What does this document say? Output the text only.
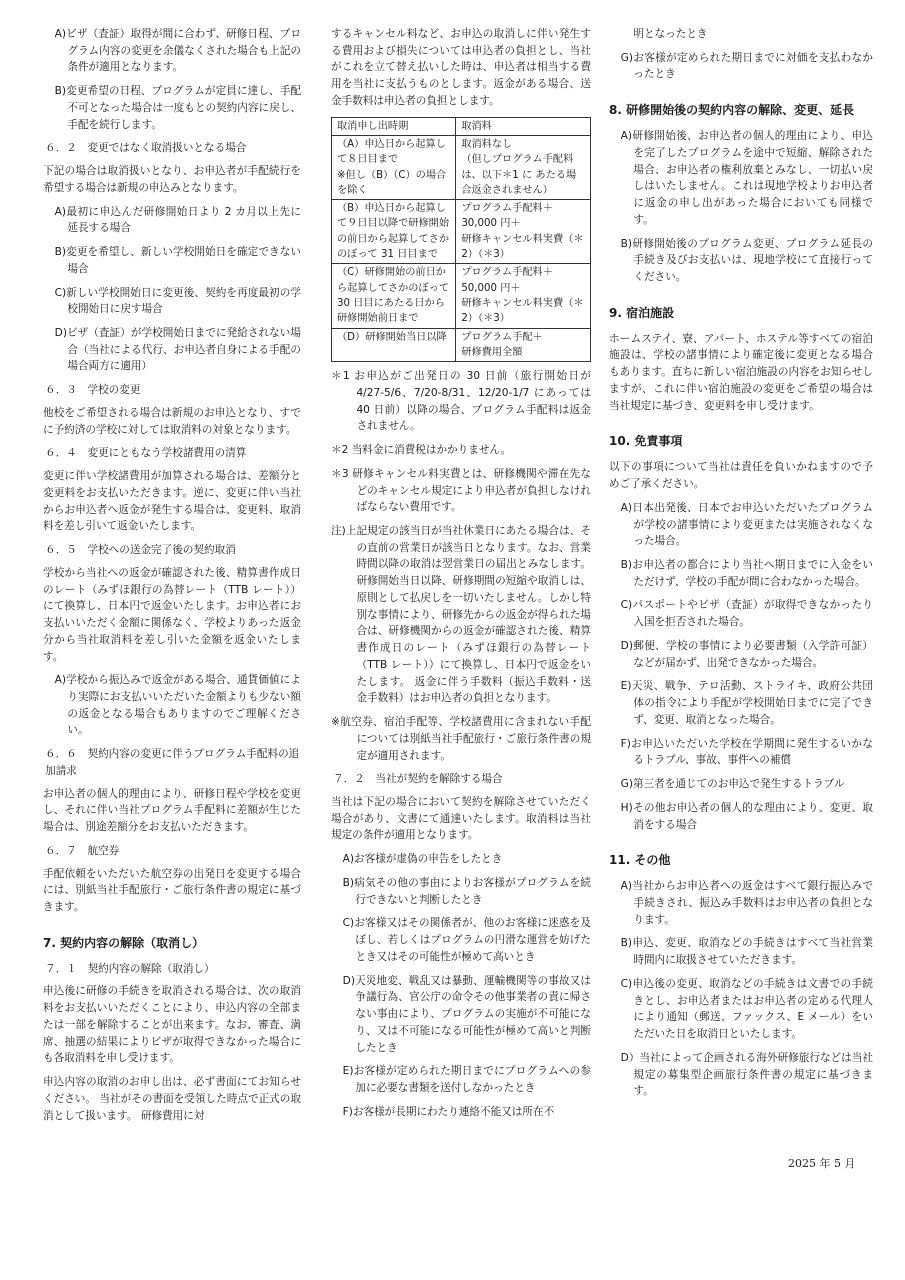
A)ビザ（査証）取得が間に合わず、研修日程、プログラム内容の変更を余儀なくされた場合も上記の条件が適用となります。
B)変更希望の日程、プログラムが定員に達し、手配不可となった場合は一度もとの契約内容に戻し、手配を続行します。
６．２　変更ではなく取消扱いとなる場合

下記の場合は取消扱いとなり、お申込者が手配続行を希望する場合は新規の申込みとなります。

A)最初に申込んだ研修開始日より 2 カ月以上先に延長する場合
B)変更を希望し、新しい学校開始日を確定できない場合
C)新しい学校開始日に変更後、契約を再度最初の学校開始日に戻す場合
D)ビザ（査証）が学校開始日までに発給されない場合（当社による代行、お申込者自身による手配の場合両方に適用）
６．３　学校の変更

他校をご希望される場合は新規のお申込となり、すでに予約済の学校に対しては取消料の対象となります。

６．４　変更にともなう学校諸費用の清算

変更に伴い学校諸費用が加算される場合は、差額分と変更料をお支払いただきます。逆に、変更に伴い当社からお申込者へ返金が発生する場合は、変更料、取消料を差し引いて返金いたします。

６．５　学校への送金完了後の契約取消

学校から当社への返金が確認された後、精算書作成日のレート（みずほ銀行の為替レート（TTB レート））にて換算し、日本円で返金いたします。お申込者にお支払いいただく金額に関係なく、学校よりあった返金分から当社取消料を差し引いた金額を返金いたします。

A)学校から振込みで返金がある場合、通貨価値により実際にお支払いいただいた金額よりも少ない額の返金となる場合もありますのでご理解ください。
６．６　契約内容の変更に伴うプログラム手配料の追加請求

お申込者の個人的理由により、研修日程や学校を変更し、それに伴い当社プログラム手配料に差額が生じた場合は、別途差額分をお支払いただきます。

６．７　航空券

手配依頼をいただいた航空券の出発日を変更する場合には、別紙当社手配旅行・ご旅行条件書の規定に基づきます。

7. 契約内容の解除（取消し）
７．１　契約内容の解除（取消し）

申込後に研修の手続きを取消される場合は、次の取消料をお支払いいただくことにより、申込内容の全部または一部を解除することが出来ます。なお、審査、満席、抽選の結果によりビザが取得できなかった場合にも各取消料を申し受けます。

申込内容の取消のお申し出は、必ず書面にてお知らせください。 当社がその書面を受領した時点で正式の取消として扱います。 研修費用に対

するキャンセル料など、お申込の取消しに伴い発生する費用および損失については申込者の負担とし、当社がこれを立て替え払いした時は、申込者は相当する費用を当社に支払うものとします。返金がある場合、送金手数料は申込者の負担とします。

取消申し出時期	取消料
（A）申込日から起算して８日目まで
※但し（B）（C）の場合を除く	取消料なし
（但しプログラム手配料は、以下＊1 に あたる場合返金されません）
（B）申込日から起算して９日目以降で研修開始の前日から起算してさかのぼって 31 日目まで	プログラム手配料＋30,000 円＋
研修キャンセル料実費（＊2）（＊3）
（C）研修開始の前日から起算してさかのぼって 30 日目にあたる日から研修開始前日まで	プログラム手配料＋50,000 円＋
研修キャンセル料実費（＊2）（＊3）
（D）研修開始当日以降	プログラム手配＋
研修費用全額
＊1 お申込がご出発日の 30 日前（旅行開始日が 4/27-5/6、7/20-8/31、12/20-1/7 にあっては 40 日前）以降の場合、プログラム手配料は返金されません。
＊2 当料金に消費税はかかりません。
＊3 研修キャンセル料実費とは、研修機関や滞在先などのキャンセル規定により申込者が負担しなければならない費用です。
注)上記規定の該当日が当社休業日にあたる場合は、その直前の営業日が該当日となります。なお、営業時間以降の取消は翌営業日の届出とみなします。 研修開始当日以降、研修期間の短縮や取消しは、原則として払戻しを一切いたしません。しかし特別な事情により、研修先からの返金が得られた場合は、研修機関からの返金が確認された後、精算書作成日のレート（みずほ銀行の為替レート（TTB レート））にて換算し、日本円で返金をいたします。 返金に伴う手数料（振込手数料・送金手数料）はお申込者の負担となります。
※航空券、宿泊手配等、学校諸費用に含まれない手配については別紙当社手配旅行・ご旅行条件書の規定が適用されます。
７．２　当社が契約を解除する場合

当社は下記の場合において契約を解除させていただく場合があり、文書にて通達いたします。取消料は当社規定の条件が適用となります。

A)お客様が虚偽の申告をしたとき
B)病気その他の事由によりお客様がプログラムを続行できないと判断したとき
C)お客様又はその関係者が、他のお客様に迷惑を及ぼし、若しくはプログラムの円滑な運営を妨げたとき又はその可能性が極めて高いとき
D)天災地変、戦乱又は暴動、運輸機関等の事故又は争議行為、官公庁の命令その他事業者の責に帰さない事由により、プログラムの実施が不可能になり、又は不可能になる可能性が極めて高いと判断したとき
E)お客様が定められた期日までにプログラムへの参加に必要な書類を送付しなかったとき
F)お客様が長期にわたり連絡不能又は所在不
明となったとき
G)お客様が定められた期日までに対価を支払わなかったとき
8. 研修開始後の契約内容の解除、変更、延長
A)研修開始後、お申込者の個人的理由により、申込を完了したプログラムを途中で短縮、解除された場合、お申込者の権利放棄とみなし、一切払い戻しはいたしません。これは現地学校よりお申込者に返金の申し出があった場合においても同様です。
B)研修開始後のプログラム変更、プログラム延長の手続き及びお支払いは、現地学校にて直接行ってください。
9. 宿泊施設

ホームステイ、寮、アパート、ホステル等すべての宿泊施設は、学校の諸事情により確定後に変更となる場合もあります。直ちに新しい宿泊施設の内容をお知らせしますが、これに伴い宿泊施設の変更をご希望の場合は当社規定に基づき、変更料を申し受けます。

10. 免責事項

以下の事項について当社は責任を負いかねますので予めご了承ください。

A)日本出発後、日本でお申込いただいたプログラムが学校の諸事情により変更または実施されなくなった場合。
B)お申込者の都合により当社へ期日までに入金をいただけず、学校の手配が間に合わなかった場合。
C)パスポートやビザ（査証）が取得できなかったり入国を拒否された場合。
D)郵便、学校の事情により必要書類（入学許可証）などが届かず、出発できなかった場合。
E)天災、戦争、テロ活動、ストライキ、政府公共団体の指令により手配が学校開始日までに完了できず、変更、取消となった場合。
F)お申込いただいた学校在学期間に発生するいかなるトラブル、事故、事件への補償
G)第三者を通じてのお申込で発生するトラブル
H)その他お申込者の個人的な理由により、変更、取消をする場合
11. その他
A)当社からお申込者への返金はすべて銀行振込みで手続きされ、振込み手数料はお申込者の負担となります。
B)申込、変更、取消などの手続きはすべて当社営業時間内に取扱させていただきます。
C)申込後の変更、取消などの手続きは文書での手続きとし、お申込者またはお申込者の定める代理人により通知（郵送、ファックス、E メール）をいただいた日を取消日といたします。
D）当社によって企画される海外研修旅行などは当社規定の募集型企画旅行条件書の規定に基づきます。
2025 年 5 月
